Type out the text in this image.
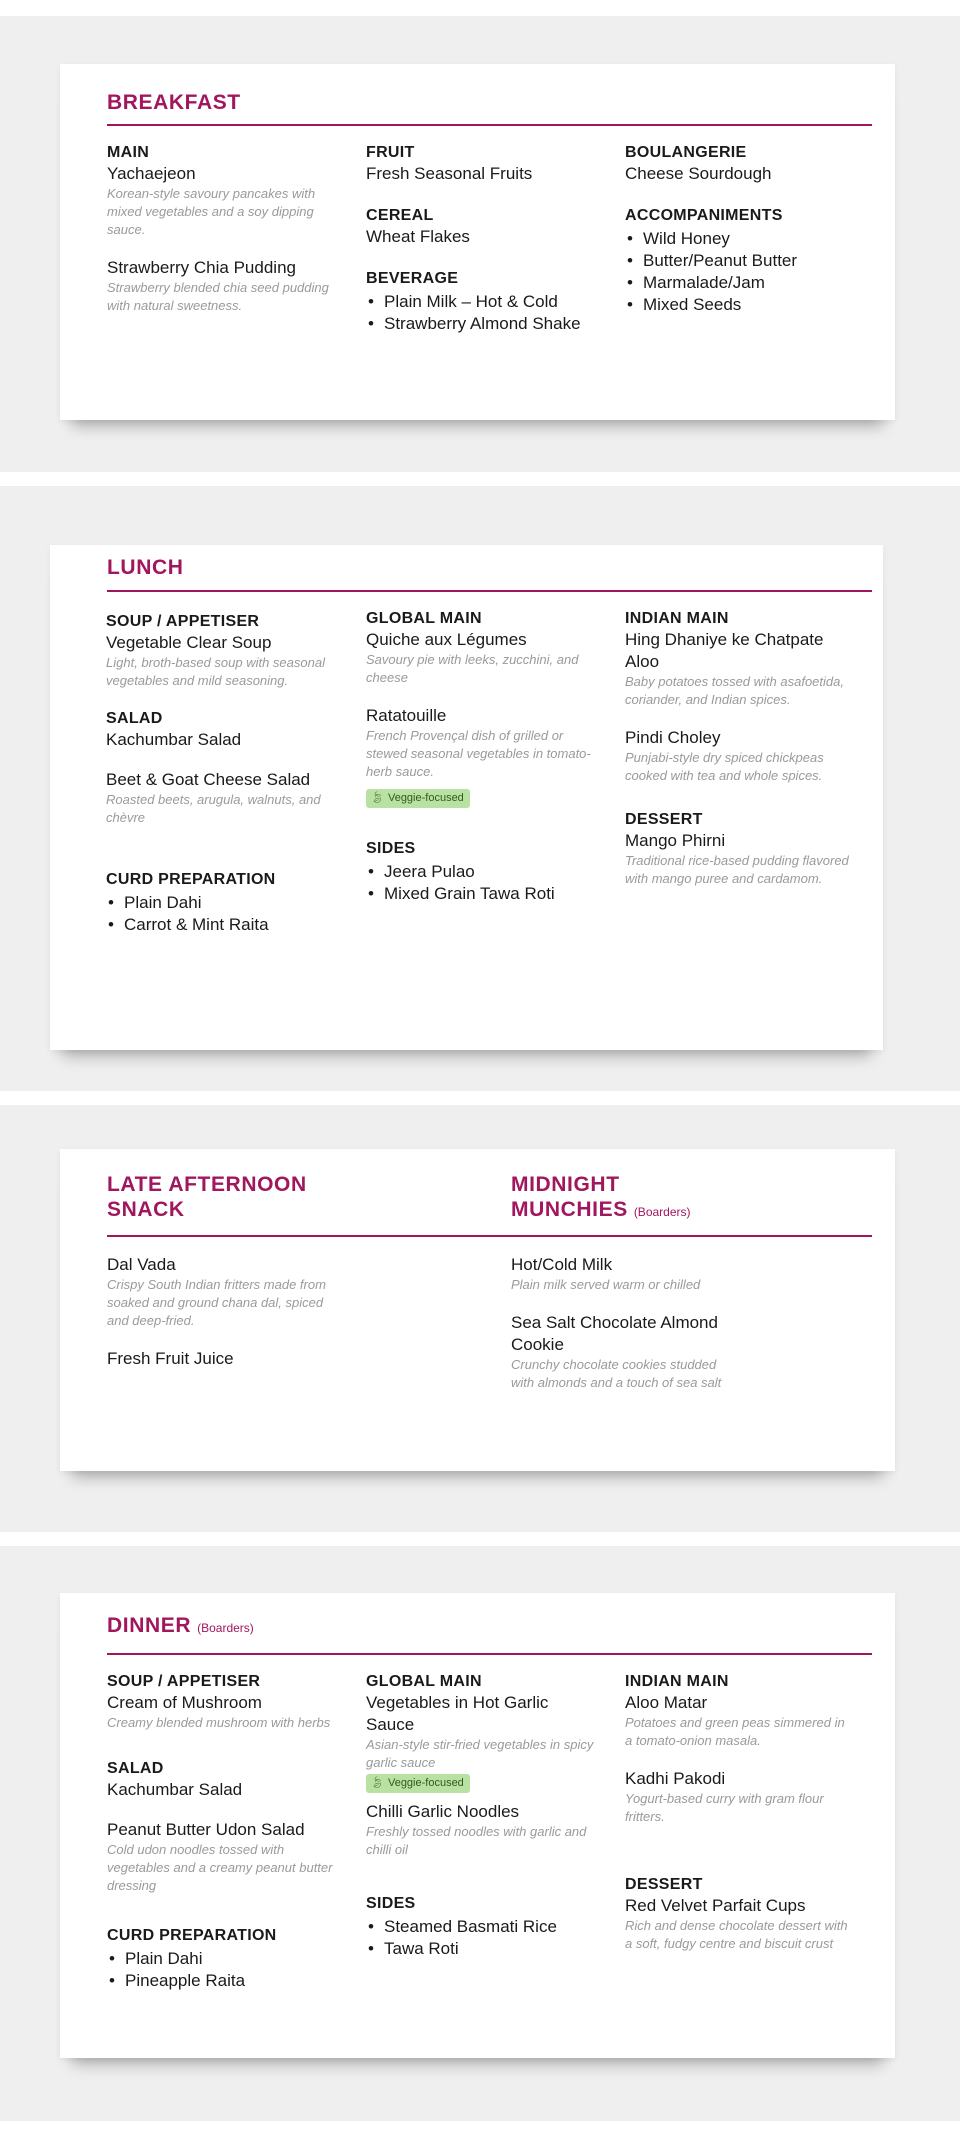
BREAKFAST
MAIN
Yachaejeon
Korean-style savoury pancakes with mixed vegetables and a soy dipping sauce.
Strawberry Chia Pudding
Strawberry blended chia seed pudding with natural sweetness.
FRUIT
Fresh Seasonal Fruits
CEREAL
Wheat Flakes
BEVERAGE
• Plain Milk – Hot & Cold
• Strawberry Almond Shake
BOULANGERIE
Cheese Sourdough
ACCOMPANIMENTS
• Wild Honey
• Butter/Peanut Butter
• Marmalade/Jam
• Mixed Seeds
LUNCH
SOUP / APPETISER
Vegetable Clear Soup
Light, broth-based soup with seasonal vegetables and mild seasoning.
SALAD
Kachumbar Salad
Beet & Goat Cheese Salad
Roasted beets, arugula, walnuts, and chèvre
CURD PREPARATION
• Plain Dahi
• Carrot & Mint Raita
GLOBAL MAIN
Quiche aux Légumes
Savoury pie with leeks, zucchini, and cheese
Ratatouille
French Provençal dish of grilled or stewed seasonal vegetables in tomato-herb sauce.
🍃︎ Veggie-focused
SIDES
• Jeera Pulao
• Mixed Grain Tawa Roti
INDIAN MAIN
Hing Dhaniye ke Chatpate Aloo
Baby potatoes tossed with asafoetida, coriander, and Indian spices.
Pindi Choley
Punjabi-style dry spiced chickpeas cooked with tea and whole spices.
DESSERT
Mango Phirni
Traditional rice-based pudding flavored with mango puree and cardamom.
LATE AFTERNOON SNACK
MIDNIGHT MUNCHIES (Boarders)
Dal Vada
Crispy South Indian fritters made from soaked and ground chana dal, spiced and deep-fried.
Fresh Fruit Juice
Hot/Cold Milk
Plain milk served warm or chilled
Sea Salt Chocolate Almond Cookie
Crunchy chocolate cookies studded with almonds and a touch of sea salt
DINNER (Boarders)
SOUP / APPETISER
Cream of Mushroom
Creamy blended mushroom with herbs
SALAD
Kachumbar Salad
Peanut Butter Udon Salad
Cold udon noodles tossed with vegetables and a creamy peanut butter dressing
CURD PREPARATION
• Plain Dahi
• Pineapple Raita
GLOBAL MAIN
Vegetables in Hot Garlic Sauce
Asian-style stir-fried vegetables in spicy garlic sauce
🍃︎ Veggie-focused
Chilli Garlic Noodles
Freshly tossed noodles with garlic and chilli oil
SIDES
• Steamed Basmati Rice
• Tawa Roti
INDIAN MAIN
Aloo Matar
Potatoes and green peas simmered in a tomato-onion masala.
Kadhi Pakodi
Yogurt-based curry with gram flour fritters.
DESSERT
Red Velvet Parfait Cups
Rich and dense chocolate dessert with a soft, fudgy centre and biscuit crust
